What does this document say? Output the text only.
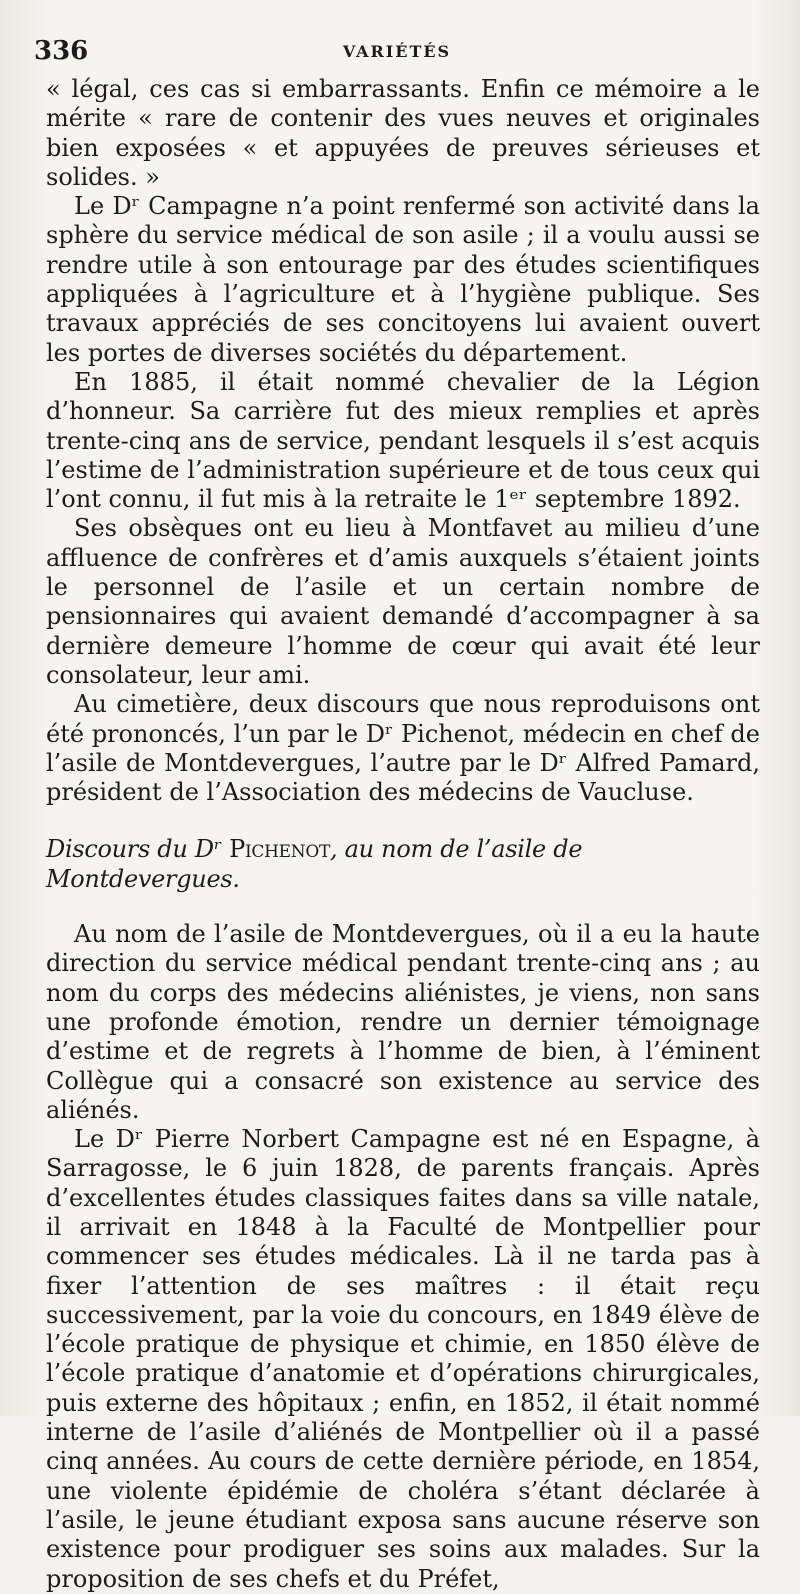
336	VARIÉTÉS

« légal, ces cas si embarrassants. Enfin ce mémoire a le mérite « rare de contenir des vues neuves et originales bien exposées « et appuyées de preuves sérieuses et solides. »

Le Dʳ Campagne n’a point renfermé son activité dans la sphère du service médical de son asile ; il a voulu aussi se rendre utile à son entourage par des études scientifiques appliquées à l’agriculture et à l’hygiène publique. Ses travaux appréciés de ses concitoyens lui avaient ouvert les portes de diverses sociétés du département.

En 1885, il était nommé chevalier de la Légion d’honneur. Sa carrière fut des mieux remplies et après trente-cinq ans de service, pendant lesquels il s’est acquis l’estime de l’administration supérieure et de tous ceux qui l’ont connu, il fut mis à la retraite le 1ᵉʳ septembre 1892.

Ses obsèques ont eu lieu à Montfavet au milieu d’une affluence de confrères et d’amis auxquels s’étaient joints le personnel de l’asile et un certain nombre de pensionnaires qui avaient demandé d’accompagner à sa dernière demeure l’homme de cœur qui avait été leur consolateur, leur ami.

Au cimetière, deux discours que nous reproduisons ont été prononcés, l’un par le Dʳ Pichenot, médecin en chef de l’asile de Montdevergues, l’autre par le Dʳ Alfred Pamard, président de l’Association des médecins de Vaucluse.

Discours du Dʳ Pichenot, au nom de l’asile de Montdevergues.

Au nom de l’asile de Montdevergues, où il a eu la haute direction du service médical pendant trente-cinq ans ; au nom du corps des médecins aliénistes, je viens, non sans une profonde émotion, rendre un dernier témoignage d’estime et de regrets à l’homme de bien, à l’éminent Collègue qui a consacré son existence au service des aliénés.

Le Dʳ Pierre Norbert Campagne est né en Espagne, à Sarragosse, le 6 juin 1828, de parents français. Après d’excellentes études classiques faites dans sa ville natale, il arrivait en 1848 à la Faculté de Montpellier pour commencer ses études médicales. Là il ne tarda pas à fixer l’attention de ses maîtres : il était reçu successivement, par la voie du concours, en 1849 élève de l’école pratique de physique et chimie, en 1850 élève de l’école pratique d’anatomie et d’opérations chirurgicales, puis externe des hôpitaux ; enfin, en 1852, il était nommé interne de l’asile d’aliénés de Montpellier où il a passé cinq années. Au cours de cette dernière période, en 1854, une violente épidémie de choléra s’étant déclarée à l’asile, le jeune étudiant exposa sans aucune réserve son existence pour prodiguer ses soins aux malades. Sur la proposition de ses chefs et du Préfet,
